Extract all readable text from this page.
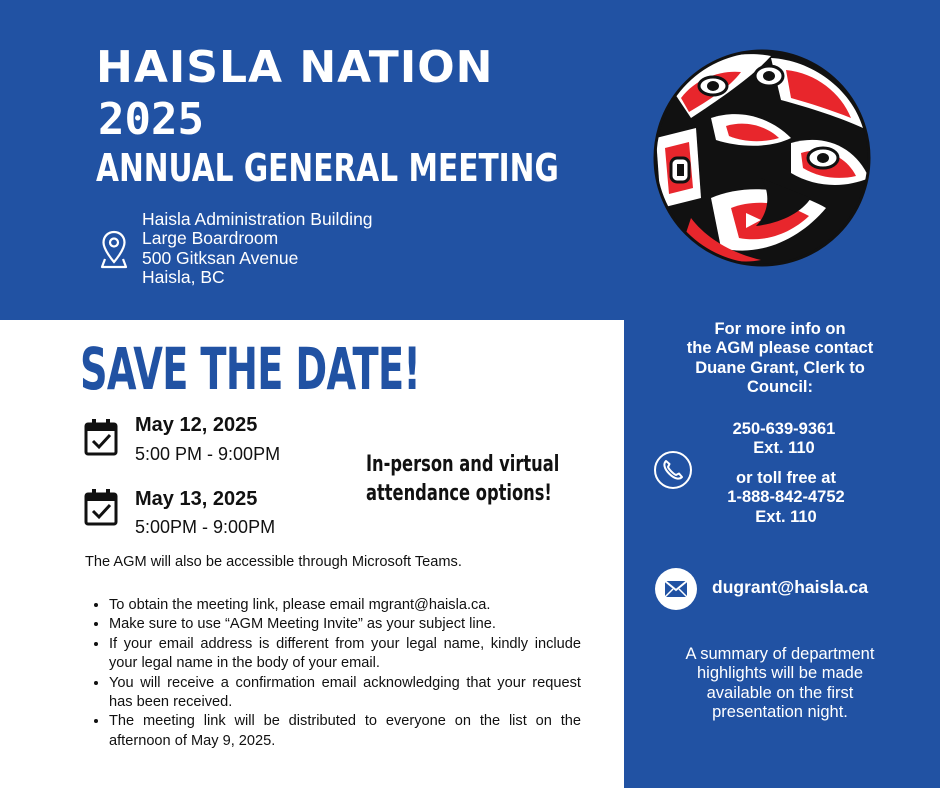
HAISLA NATION
2025
ANNUAL GENERAL MEETING
Haisla Administration Building
Large Boardroom
500 Gitksan Avenue
Haisla, BC
SAVE THE DATE!
May 12, 2025
5:00 PM - 9:00PM
May 13, 2025
5:00PM - 9:00PM
In-person and virtual
attendance options!
The AGM will also be accessible through Microsoft Teams.
• To obtain the meeting link, please email mgrant@haisla.ca.
• Make sure to use “AGM Meeting Invite” as your subject line.
• If your email address is different from your legal name, kindly include your legal name in the body of your email.
• You will receive a confirmation email acknowledging that your request has been received.
• The meeting link will be distributed to everyone on the list on the afternoon of May 9, 2025.
For more info on
the AGM please contact
Duane Grant, Clerk to
Council:
250-639-9361
Ext. 110
or toll free at
1-888-842-4752
Ext. 110
dugrant@haisla.ca
A summary of department
highlights will be made
available on the first
presentation night.
